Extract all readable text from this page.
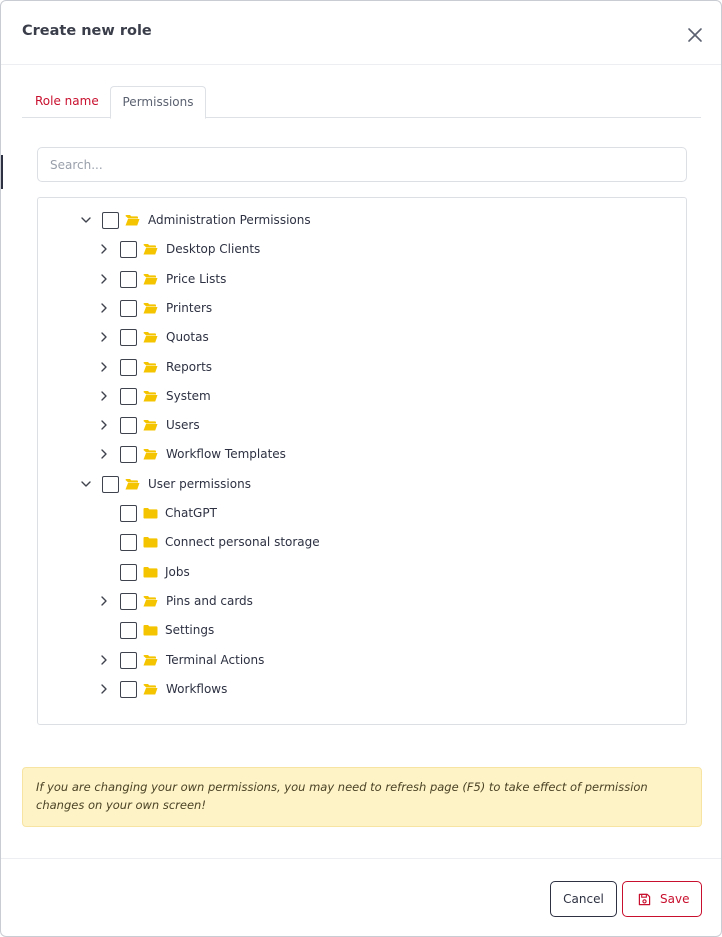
Create new role
Role name	Permissions
Search...
Administration Permissions
Desktop Clients
Price Lists
Printers
Quotas
Reports
System
Users
Workflow Templates
User permissions
ChatGPT
Connect personal storage
Jobs
Pins and cards
Settings
Terminal Actions
Workflows
If you are changing your own permissions, you may need to refresh page (F5) to take effect of permission changes on your own screen!
Cancel	Save
